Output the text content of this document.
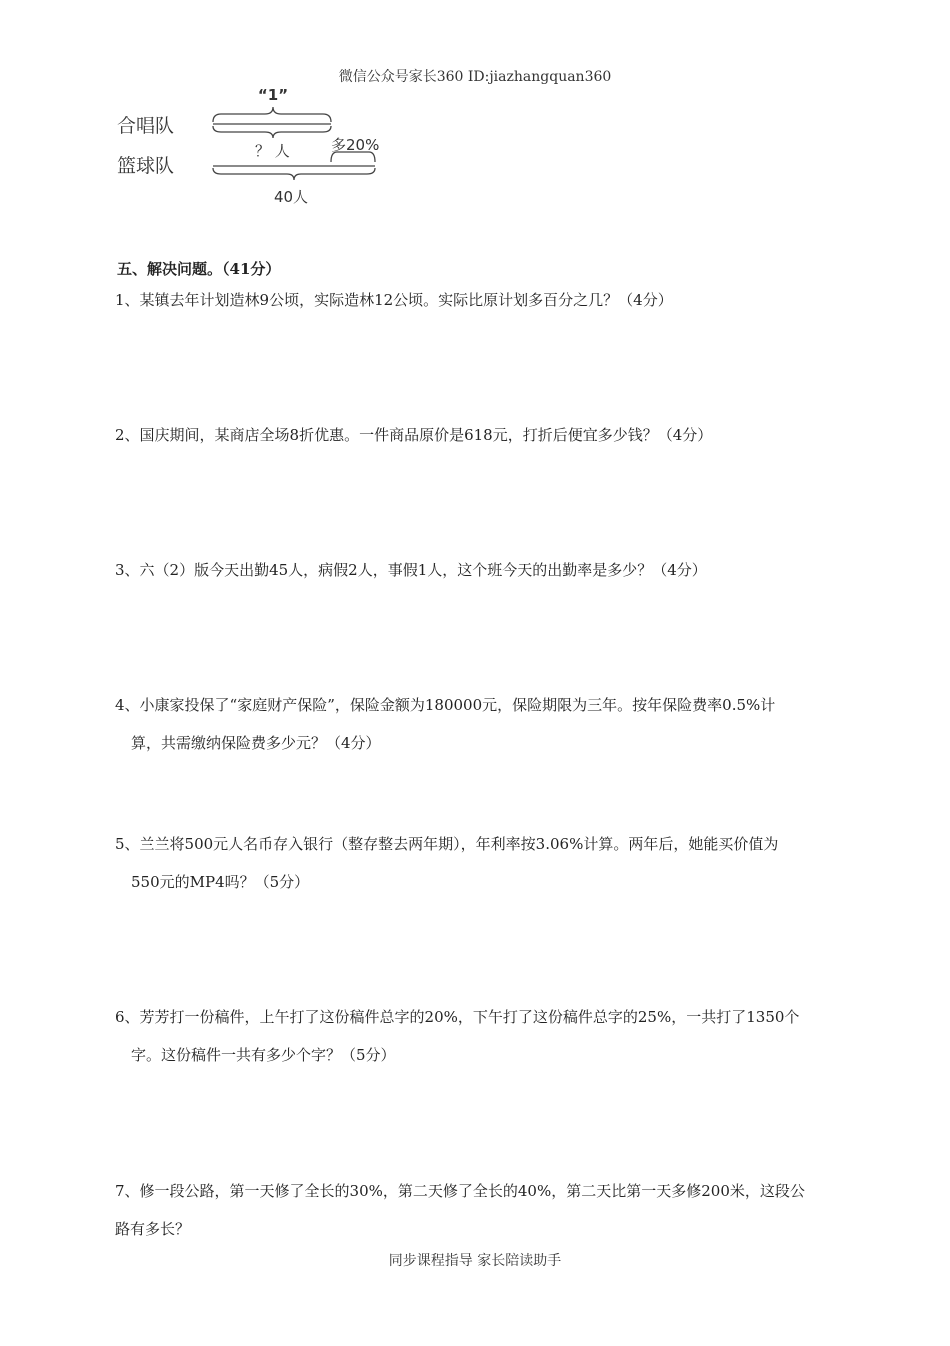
微信公众号家长360 ID:jiazhangquan360
合唱队
篮球队
“1”
？ 人	多20%
40人
五、解决问题。（41分）
1、某镇去年计划造林9公顷，实际造林12公顷。实际比原计划多百分之几？（4分）
2、国庆期间，某商店全场8折优惠。一件商品原价是618元，打折后便宜多少钱？（4分）
3、六（2）版今天出勤45人，病假2人，事假1人，这个班今天的出勤率是多少？（4分）
4、小康家投保了“家庭财产保险”，保险金额为180000元，保险期限为三年。按年保险费率0.5%计
算，共需缴纳保险费多少元？（4分）
5、兰兰将500元人名币存入银行（整存整去两年期），年利率按3.06%计算。两年后，她能买价值为
550元的MP4吗？（5分）
6、芳芳打一份稿件，上午打了这份稿件总字的20%，下午打了这份稿件总字的25%，一共打了1350个
字。这份稿件一共有多少个字？（5分）
7、修一段公路，第一天修了全长的30%，第二天修了全长的40%，第二天比第一天多修200米，这段公
路有多长？
同步课程指导 家长陪读助手
